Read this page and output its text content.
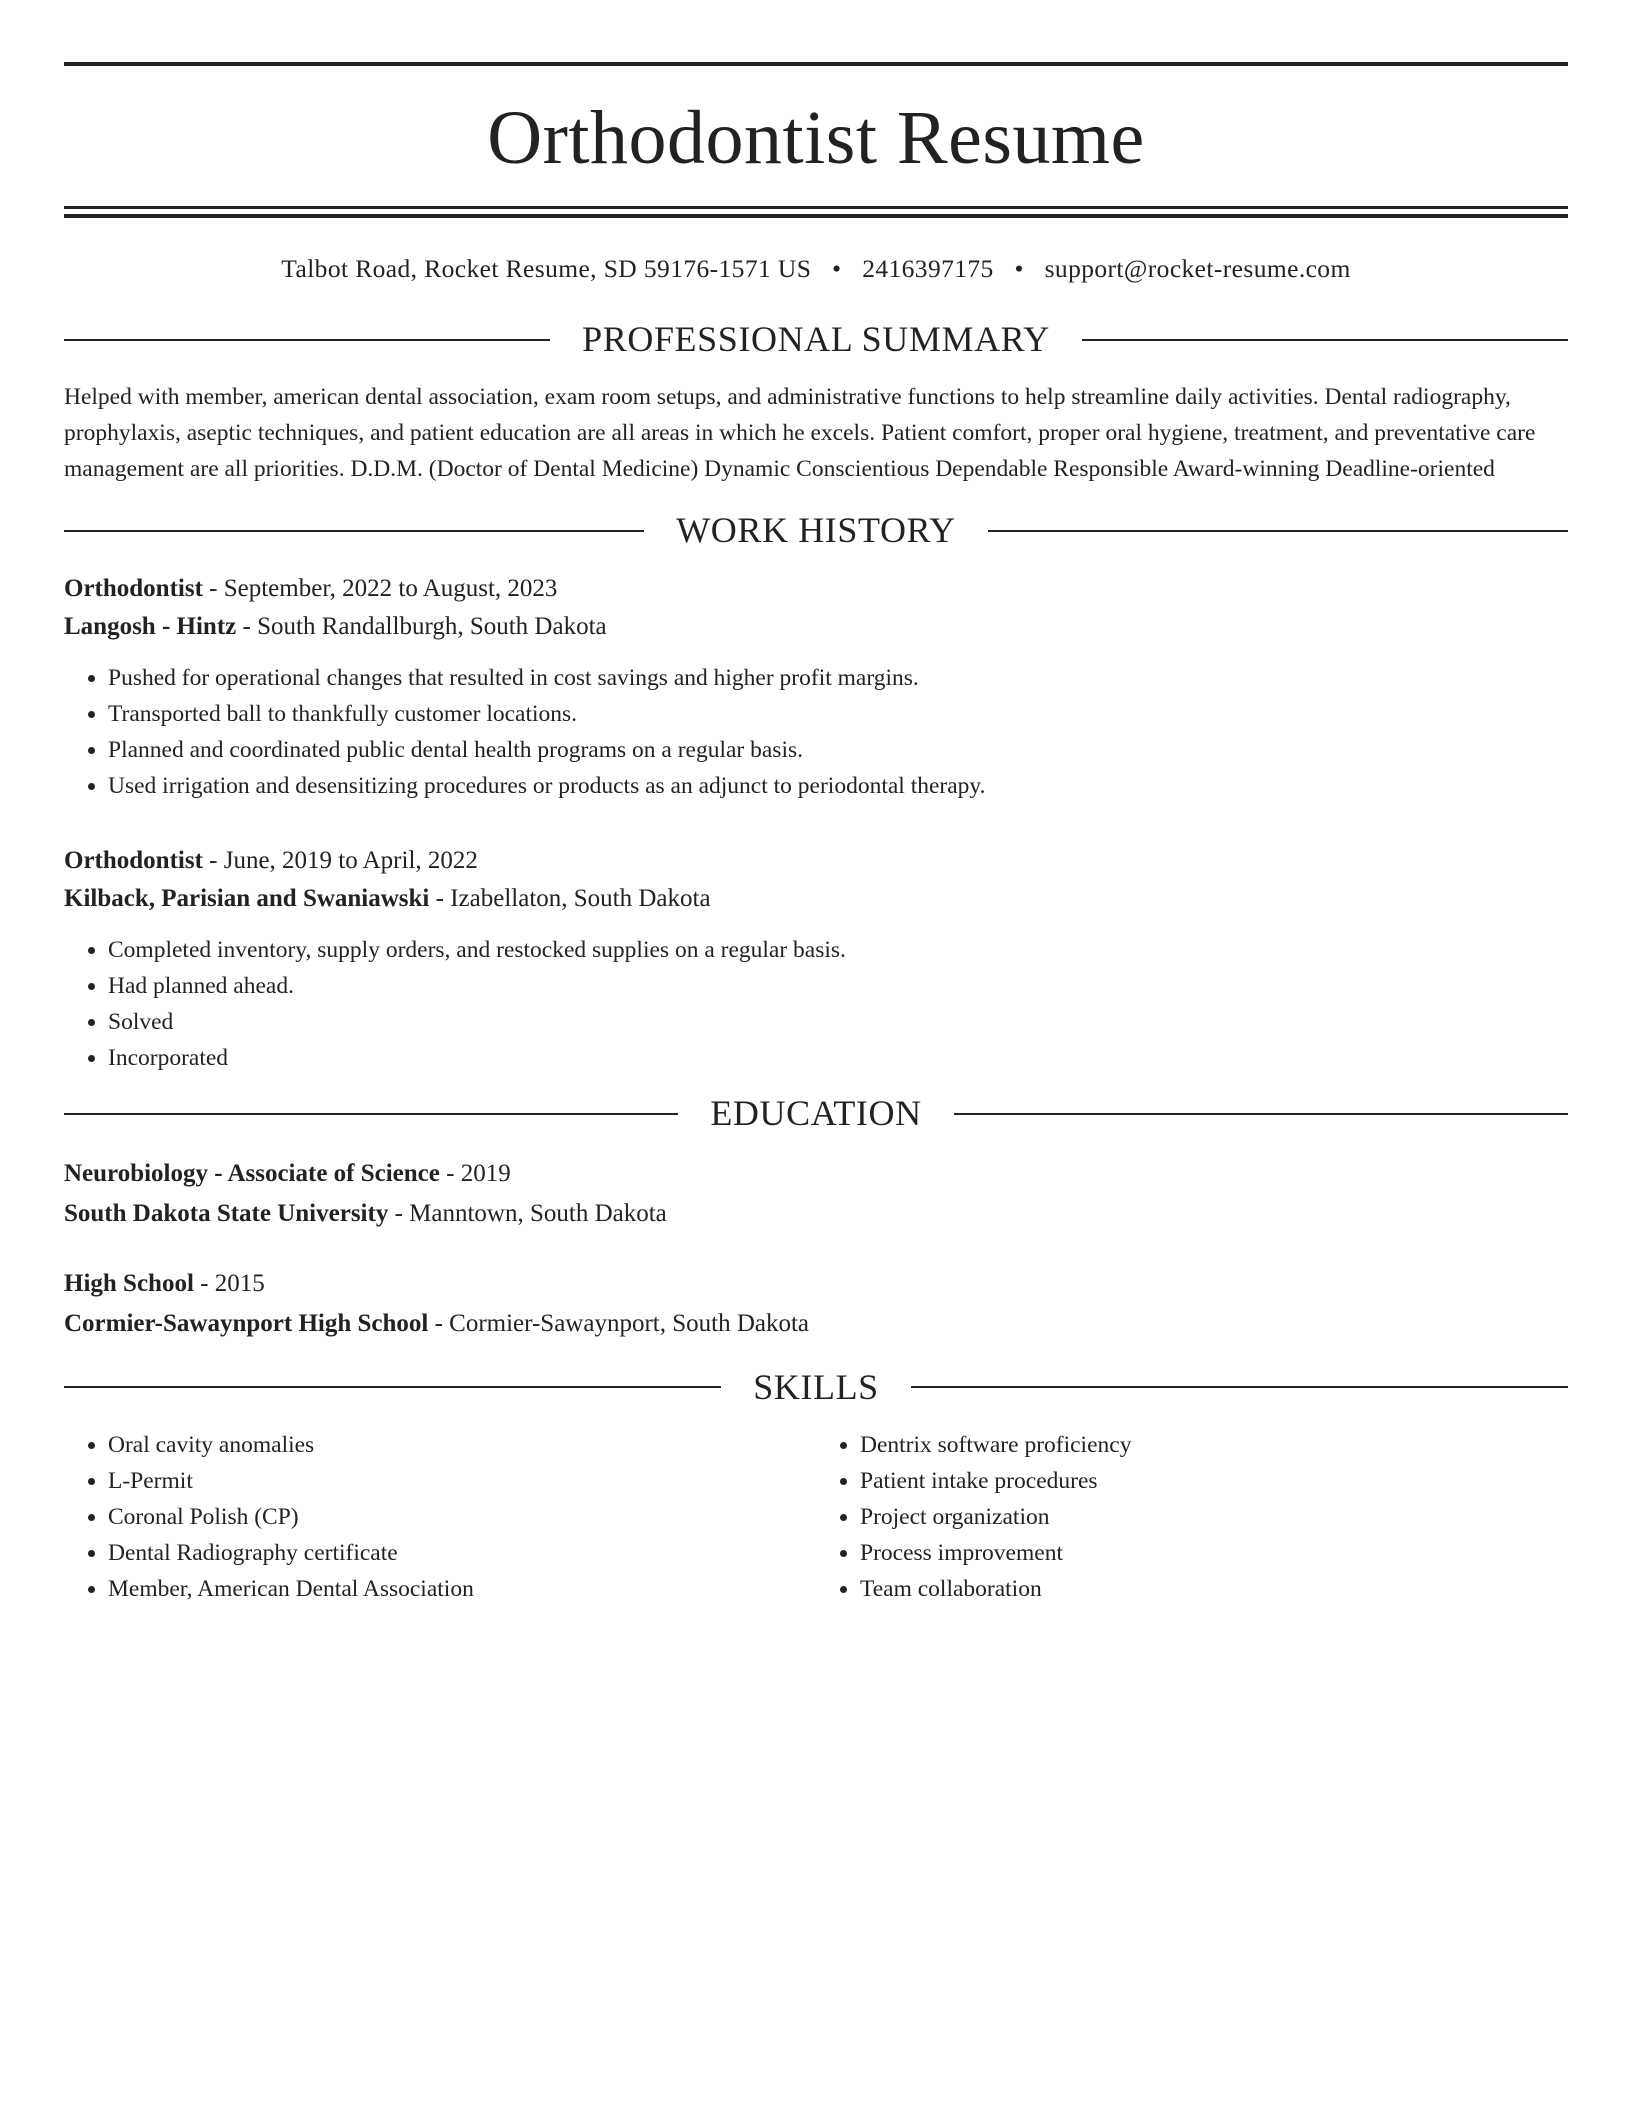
Orthodontist Resume
Talbot Road, Rocket Resume, SD 59176-1571 US • 2416397175 • support@rocket-resume.com
PROFESSIONAL SUMMARY

Helped with member, american dental association, exam room setups, and administrative functions to help streamline daily activities. Dental radiography, prophylaxis, aseptic techniques, and patient education are all areas in which he excels. Patient comfort, proper oral hygiene, treatment, and preventative care management are all priorities. D.D.M. (Doctor of Dental Medicine) Dynamic Conscientious Dependable Responsible Award-winning Deadline-oriented

WORK HISTORY
Orthodontist - September, 2022 to August, 2023
Langosh - Hintz - South Randallburgh, South Dakota
• Pushed for operational changes that resulted in cost savings and higher profit margins.
• Transported ball to thankfully customer locations.
• Planned and coordinated public dental health programs on a regular basis.
• Used irrigation and desensitizing procedures or products as an adjunct to periodontal therapy.
Orthodontist - June, 2019 to April, 2022
Kilback, Parisian and Swaniawski - Izabellaton, South Dakota
• Completed inventory, supply orders, and restocked supplies on a regular basis.
• Had planned ahead.
• Solved
• Incorporated
EDUCATION
Neurobiology - Associate of Science - 2019
South Dakota State University - Manntown, South Dakota
High School - 2015
Cormier-Sawaynport High School - Cormier-Sawaynport, South Dakota
SKILLS
• Oral cavity anomalies
• L-Permit
• Coronal Polish (CP)
• Dental Radiography certificate
• Member, American Dental Association
• Dentrix software proficiency
• Patient intake procedures
• Project organization
• Process improvement
• Team collaboration
